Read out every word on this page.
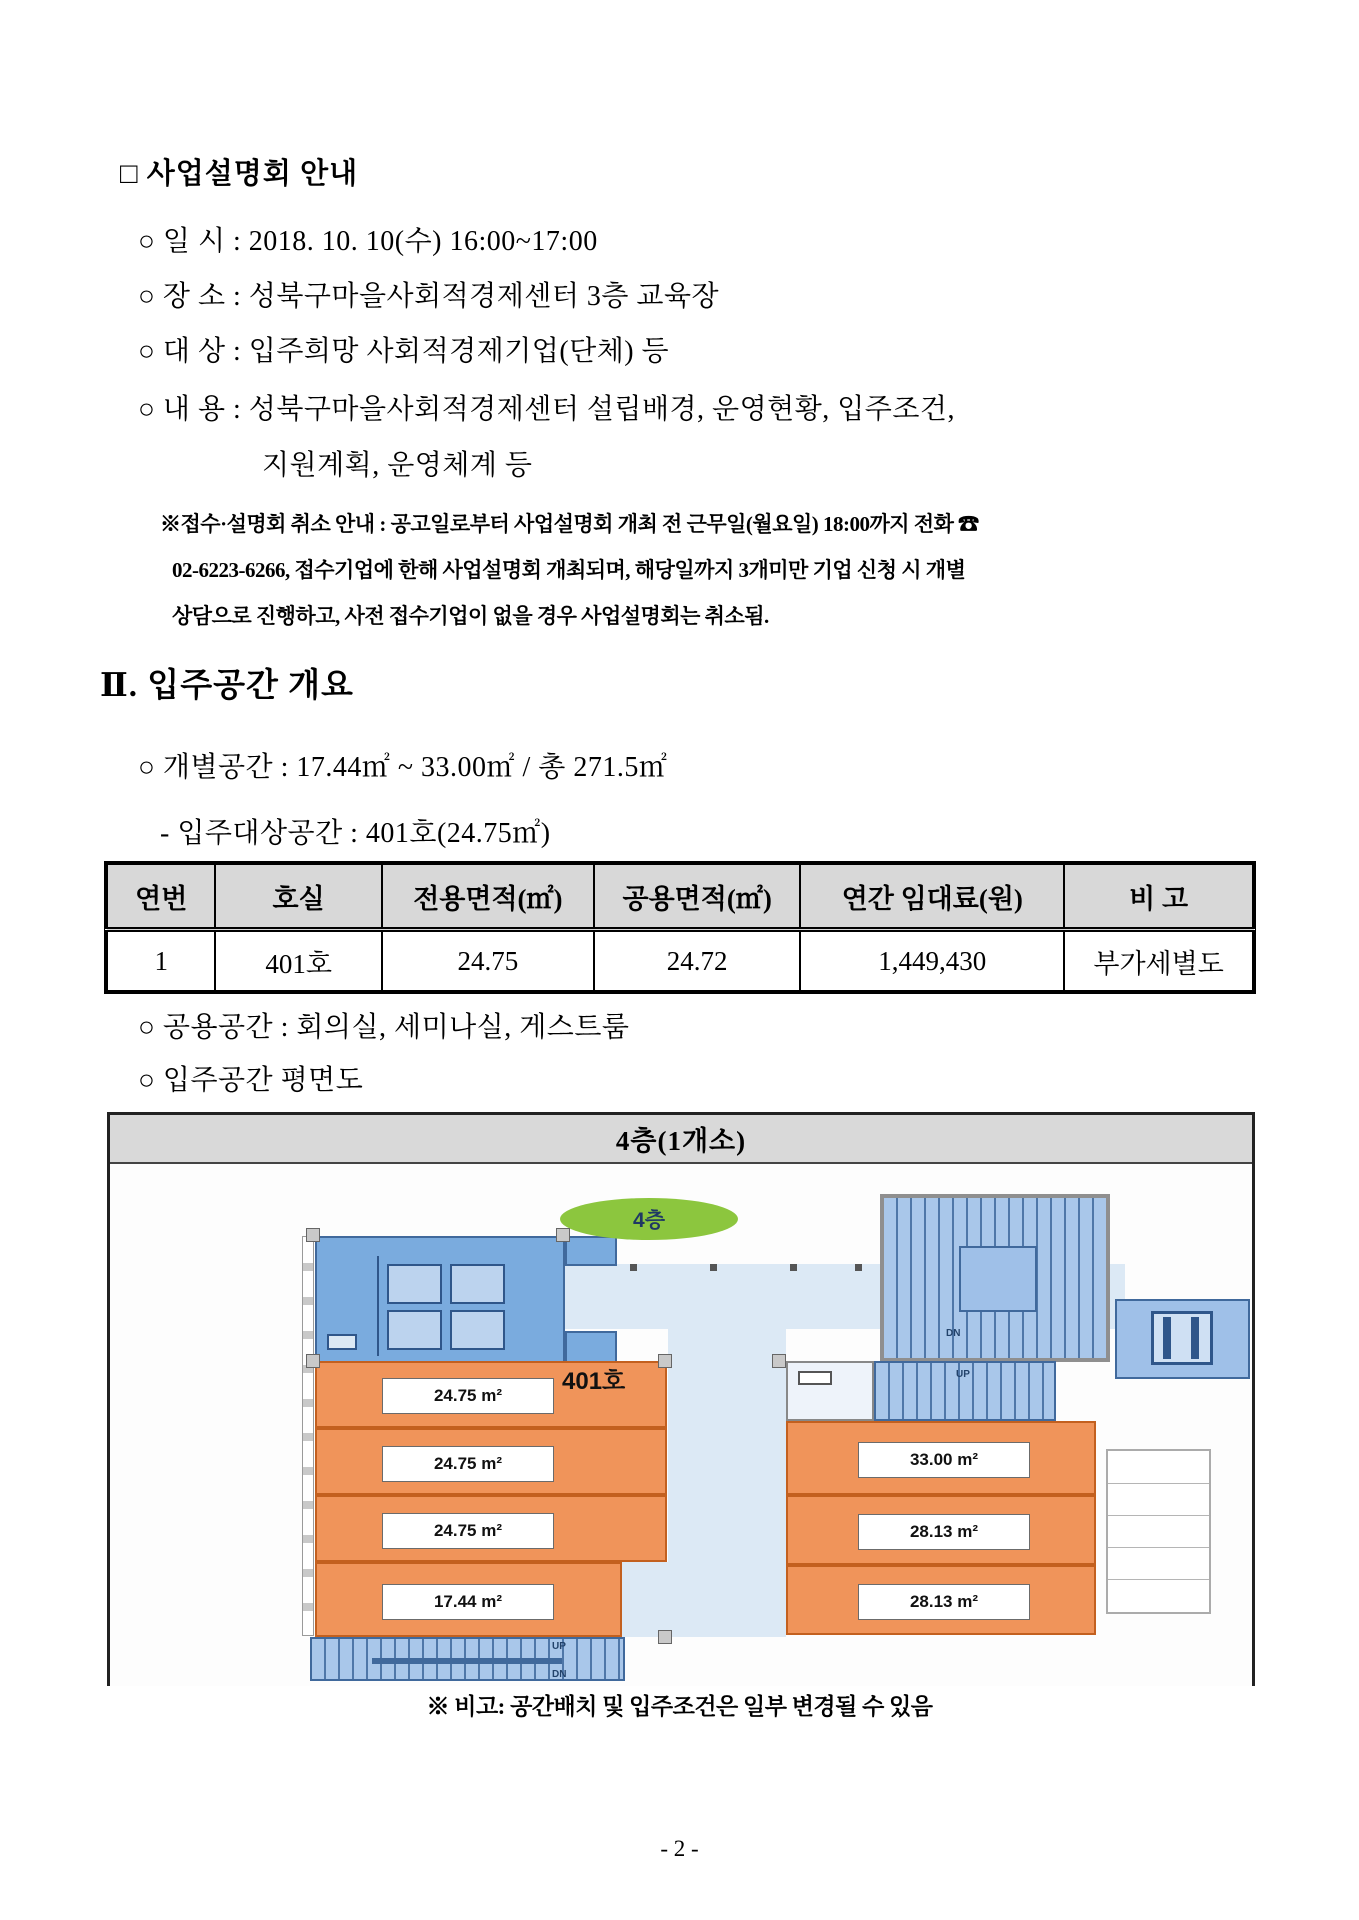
□ 사업설명회 안내
○ 일 시 : 2018. 10. 10(수) 16:00~17:00
○ 장 소 : 성북구마을사회적경제센터 3층 교육장
○ 대 상 : 입주희망 사회적경제기업(단체) 등
○ 내 용 : 성북구마을사회적경제센터 설립배경, 운영현황, 입주조건,
지원계획, 운영체계 등
※접수·설명회 취소 안내 : 공고일로부터 사업설명회 개최 전 근무일(월요일) 18:00까지 전화 ☎
02-6223-6266, 접수기업에 한해 사업설명회 개최되며, 해당일까지 3개미만 기업 신청 시 개별
상담으로 진행하고, 사전 접수기업이 없을 경우 사업설명회는 취소됨.
Ⅱ. 입주공간 개요
○ 개별공간 : 17.44㎡ ~ 33.00㎡ / 총 271.5㎡
- 입주대상공간 : 401호(24.75㎡)
연번	호실	전용면적(㎡)	공용면적(㎡)	연간 임대료(원)	비 고
1	401호	24.75	24.72	1,449,430	부가세별도
○ 공용공간 : 회의실, 세미나실, 게스트룸
○ 입주공간 평면도
4층(1개소)
DN
4층
24.75 m²
24.75 m²
24.75 m²
17.44 m²
401호	UP
33.00 m²
28.13 m²
28.13 m²
UP
DN
※ 비고: 공간배치 및 입주조건은 일부 변경될 수 있음
- 2 -
